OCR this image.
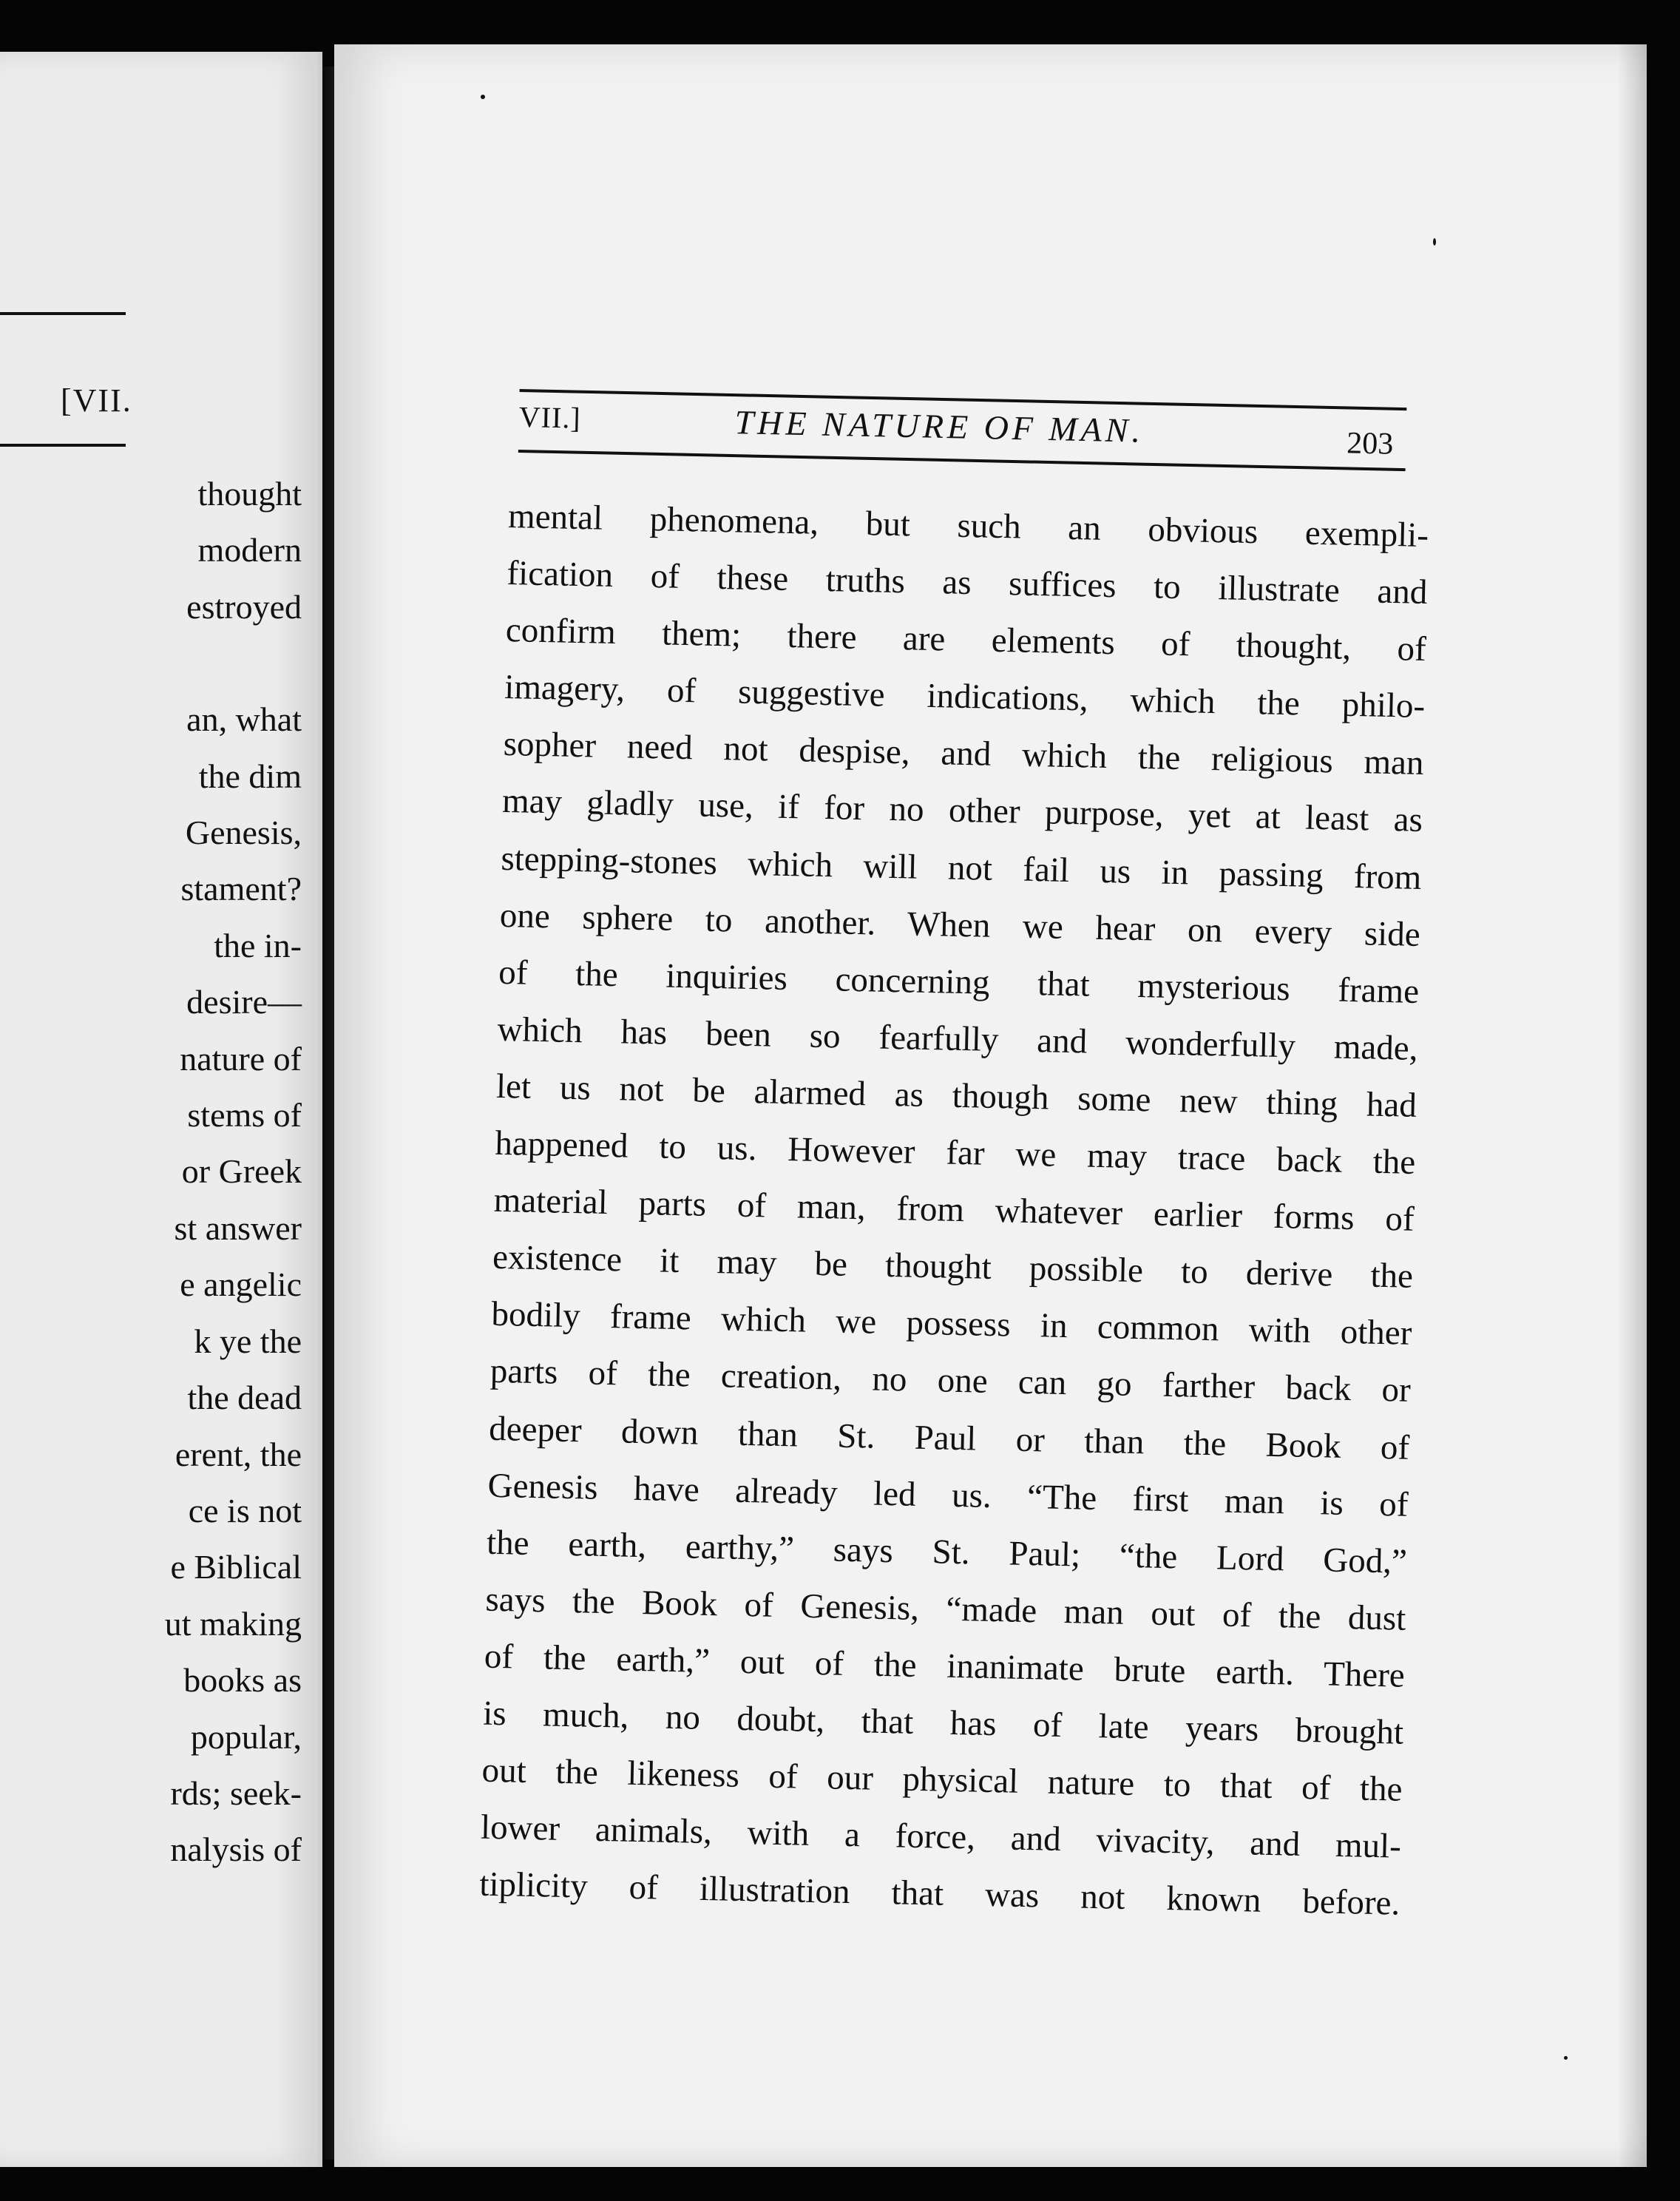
[VII.
thought
modern
estroyed
an, what
the dim
Genesis,
stament?
the in-
desire—
nature of
stems of
or Greek
st answer
e angelic
k ye the
the dead
erent, the
ce is not
e Biblical
ut making
books as
popular,
rds; seek-
nalysis of
VII.]	THE NATURE OF MAN.	203
mental phenomena, but such an obvious exempli-
fication of these truths as suffices to illustrate and
confirm them; there are elements of thought, of
imagery, of suggestive indications, which the philo-
sopher need not despise, and which the religious man
may gladly use, if for no other purpose, yet at least as
stepping-stones which will not fail us in passing from
one sphere to another. When we hear on every side
of the inquiries concerning that mysterious frame
which has been so fearfully and wonderfully made,
let us not be alarmed as though some new thing had
happened to us. However far we may trace back the
material parts of man, from whatever earlier forms of
existence it may be thought possible to derive the
bodily frame which we possess in common with other
parts of the creation, no one can go farther back or
deeper down than St. Paul or than the Book of
Genesis have already led us. “The first man is of
the earth, earthy,” says St. Paul; “the Lord God,”
says the Book of Genesis, “made man out of the dust
of the earth,” out of the inanimate brute earth. There
is much, no doubt, that has of late years brought
out the likeness of our physical nature to that of the
lower animals, with a force, and vivacity, and mul-
tiplicity of illustration that was not known before.
